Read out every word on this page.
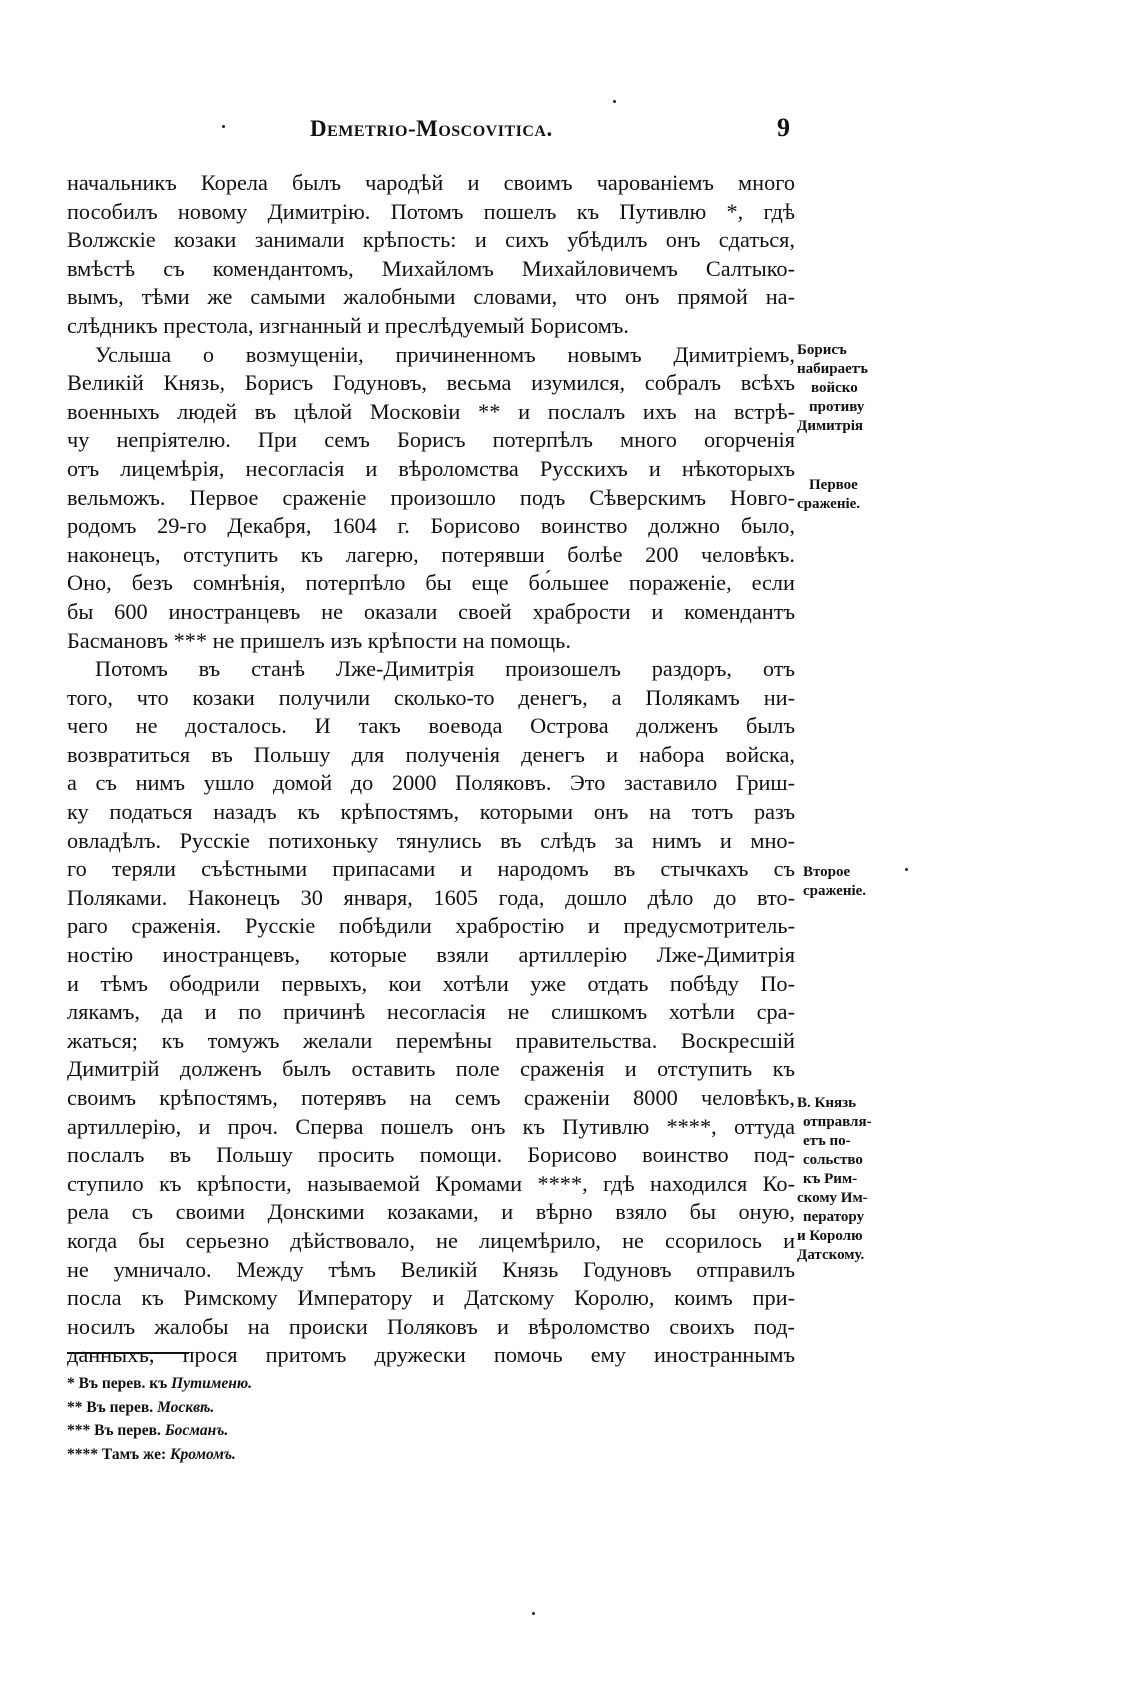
Demetrio-Moscovitica.	9
начальникъ Корела былъ чародѣй и своимъ чарованіемъ много
пособилъ новому Димитрію. Потомъ пошелъ къ Путивлю *, гдѣ
Волжскіе козаки занимали крѣпость: и сихъ убѣдилъ онъ сдаться,
вмѣстѣ съ комендантомъ, Михайломъ Михайловичемъ Салтыко-
вымъ, тѣми же самыми жалобными словами, что онъ прямой на-
слѣдникъ престола, изгнанный и преслѣдуемый Борисомъ.
Услыша о возмущеніи, причиненномъ новымъ Димитріемъ,
Великій Князь, Борисъ Годуновъ, весьма изумился, собралъ всѣхъ
военныхъ людей въ цѣлой Московіи ** и послалъ ихъ на встрѣ-
чу непріятелю. При семъ Борисъ потерпѣлъ много огорченія
отъ лицемѣрія, несогласія и вѣроломства Русскихъ и нѣкоторыхъ
вельможъ. Первое сраженіе произошло подъ Сѣверскимъ Новго-
родомъ 29-го Декабря, 1604 г. Борисово воинство должно было,
наконецъ, отступить къ лагерю, потерявши болѣе 200 человѣкъ.
Оно, безъ сомнѣнія, потерпѣло бы еще бо́льшее пораженіе, если
бы 600 иностранцевъ не оказали своей храбрости и комендантъ
Басмановъ *** не пришелъ изъ крѣпости на помощь.
Потомъ въ станѣ Лже-Димитрія произошелъ раздоръ, отъ
того, что козаки получили сколько-то денегъ, а Полякамъ ни-
чего не досталось. И такъ воевода Острова долженъ былъ
возвратиться въ Польшу для полученія денегъ и набора войска,
а съ нимъ ушло домой до 2000 Поляковъ. Это заставило Гриш-
ку податься назадъ къ крѣпостямъ, которыми онъ на тотъ разъ
овладѣлъ. Русскіе потихоньку тянулись въ слѣдъ за нимъ и мно-
го теряли съѣстными припасами и народомъ въ стычкахъ съ
Поляками. Наконецъ 30 января, 1605 года, дошло дѣло до вто-
раго сраженія. Русскіе побѣдили храбростію и предусмотритель-
ностію иностранцевъ, которые взяли артиллерію Лже-Димитрія
и тѣмъ ободрили первыхъ, кои хотѣли уже отдать побѣду По-
лякамъ, да и по причинѣ несогласія не слишкомъ хотѣли сра-
жаться; къ томужъ желали перемѣны правительства. Воскресшій
Димитрій долженъ былъ оставить поле сраженія и отступить къ
своимъ крѣпостямъ, потерявъ на семъ сраженіи 8000 человѣкъ,
артиллерію, и проч. Сперва пошелъ онъ къ Путивлю ****, оттуда
послалъ въ Польшу просить помощи. Борисово воинство под-
ступило къ крѣпости, называемой Кромами ****, гдѣ находился Ко-
рела съ своими Донскими козаками, и вѣрно взяло бы оную,
когда бы серьезно дѣйствовало, не лицемѣрило, не ссорилось и
не умничало. Между тѣмъ Великій Князь Годуновъ отправилъ
посла къ Римскому Императору и Датскому Королю, коимъ при-
носилъ жалобы на происки Поляковъ и вѣроломство своихъ под-
данныхъ, прося притомъ дружески помочь ему иностраннымъ
Борисъ
набираетъ
войско
противу
Димитрія
Первое
сраженіе.
Второе
сраженіе.
В. Князь
отправля-
етъ по-
сольство
къ Рим-
скому Им-
ператору
и Королю
Датскому.
* Въ перев. къ Путименю.
** Въ перев. Москвѣ.
*** Въ перев. Босманъ.
**** Тамъ же: Кромомъ.
